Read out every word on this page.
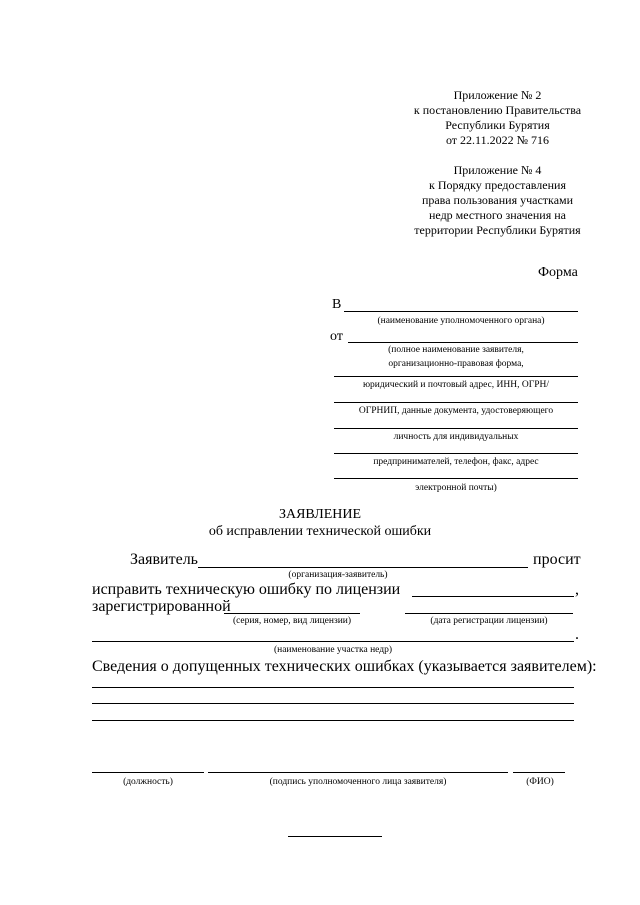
Приложение № 2
к постановлению Правительства
Республики Бурятия
от 22.11.2022 № 716
Приложение № 4
к Порядку предоставления
права пользования участками
недр местного значения на
территории Республики Бурятия
Форма
В
(наименование уполномоченного органа)
от
(полное наименование заявителя,
организационно-правовая форма,
юридический и почтовый адрес, ИНН, ОГРН/
ОГРНИП, данные документа, удостоверяющего
личность для индивидуальных
предпринимателей, телефон, факс, адрес
электронной почты)
ЗАЯВЛЕНИЕ
об исправлении технической ошибки
Заявитель	просит
(организация-заявитель)
исправить техническую ошибку по лицензии	,
зарегистрированной
(серия, номер, вид лицензии)	(дата регистрации лицензии)
.
(наименование участка недр)
Сведения о допущенных технических ошибках (указывается заявителем):
(должность)	(подпись уполномоченного лица заявителя)	(ФИО)
